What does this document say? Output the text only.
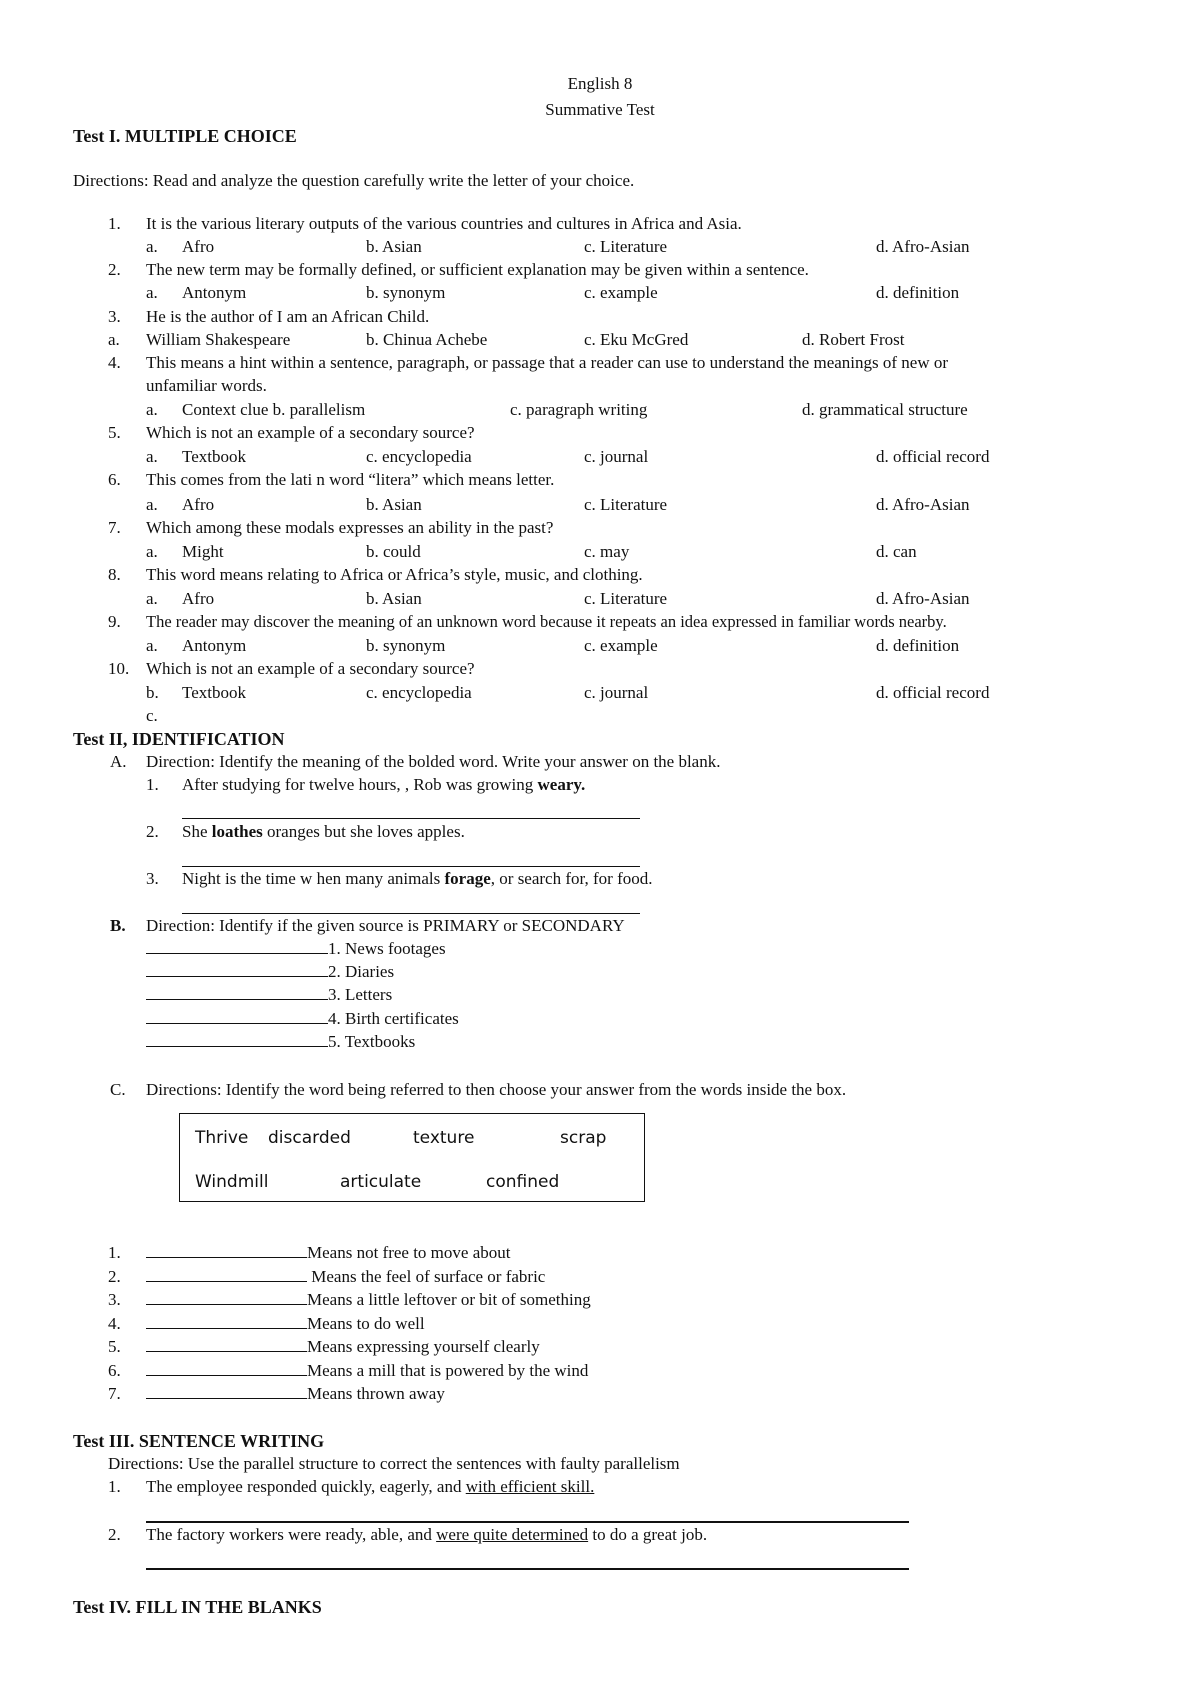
English 8
Summative Test
Test I. MULTIPLE CHOICE
Directions: Read and analyze the question carefully write the letter of your choice.
1. It is the various literary outputs of the various countries and cultures in Africa and Asia.
a. Afro	b. Asian	c. Literature	d. Afro-Asian
2. The new term may be formally defined, or sufficient explanation may be given within a sentence.
a. Antonym	b. synonym	c. example	d. definition
3. He is the author of I am an African Child.
a. William Shakespeare	b. Chinua Achebe	c. Eku McGred	d. Robert Frost
4. This means a hint within a sentence, paragraph, or passage that a reader can use to understand the meanings of new or
unfamiliar words.
a. Context clue b. parallelism	c. paragraph writing	d. grammatical structure
5. Which is not an example of a secondary source?
a. Textbook	c. encyclopedia	c. journal	d. official record
6. This comes from the lati n word “litera” which means letter.
a. Afro	b. Asian	c. Literature	d. Afro-Asian
7. Which among these modals expresses an ability in the past?
a. Might	b. could	c. may	d. can
8. This word means relating to Africa or Africa’s style, music, and clothing.
a. Afro	b. Asian	c. Literature	d. Afro-Asian
9. The reader may discover the meaning of an unknown word because it repeats an idea expressed in familiar words nearby.
a. Antonym	b. synonym	c. example	d. definition
10. Which is not an example of a secondary source?
b. Textbook	c. encyclopedia	c. journal	d. official record
c.
Test II, IDENTIFICATION
A. Direction: Identify the meaning of the bolded word. Write your answer on the blank.
1. After studying for twelve hours, , Rob was growing weary.
2. She loathes oranges but she loves apples.
3. Night is the time w hen many animals forage, or search for, for food.
B. Direction: Identify if the given source is PRIMARY or SECONDARY
1. News footages
2. Diaries
3. Letters
4. Birth certificates
5. Textbooks
C. Directions: Identify the word being referred to then choose your answer from the words inside the box.
Thrive discarded	texture	scrap
Windmill	articulate	confined
1.	Means not free to move about
2.	Means the feel of surface or fabric
3.	Means a little leftover or bit of something
4.	Means to do well
5.	Means expressing yourself clearly
6.	Means a mill that is powered by the wind
7.	Means thrown away
Test III. SENTENCE WRITING
Directions: Use the parallel structure to correct the sentences with faulty parallelism
1. The employee responded quickly, eagerly, and with efficient skill.
2. The factory workers were ready, able, and were quite determined to do a great job.
Test IV. FILL IN THE BLANKS
